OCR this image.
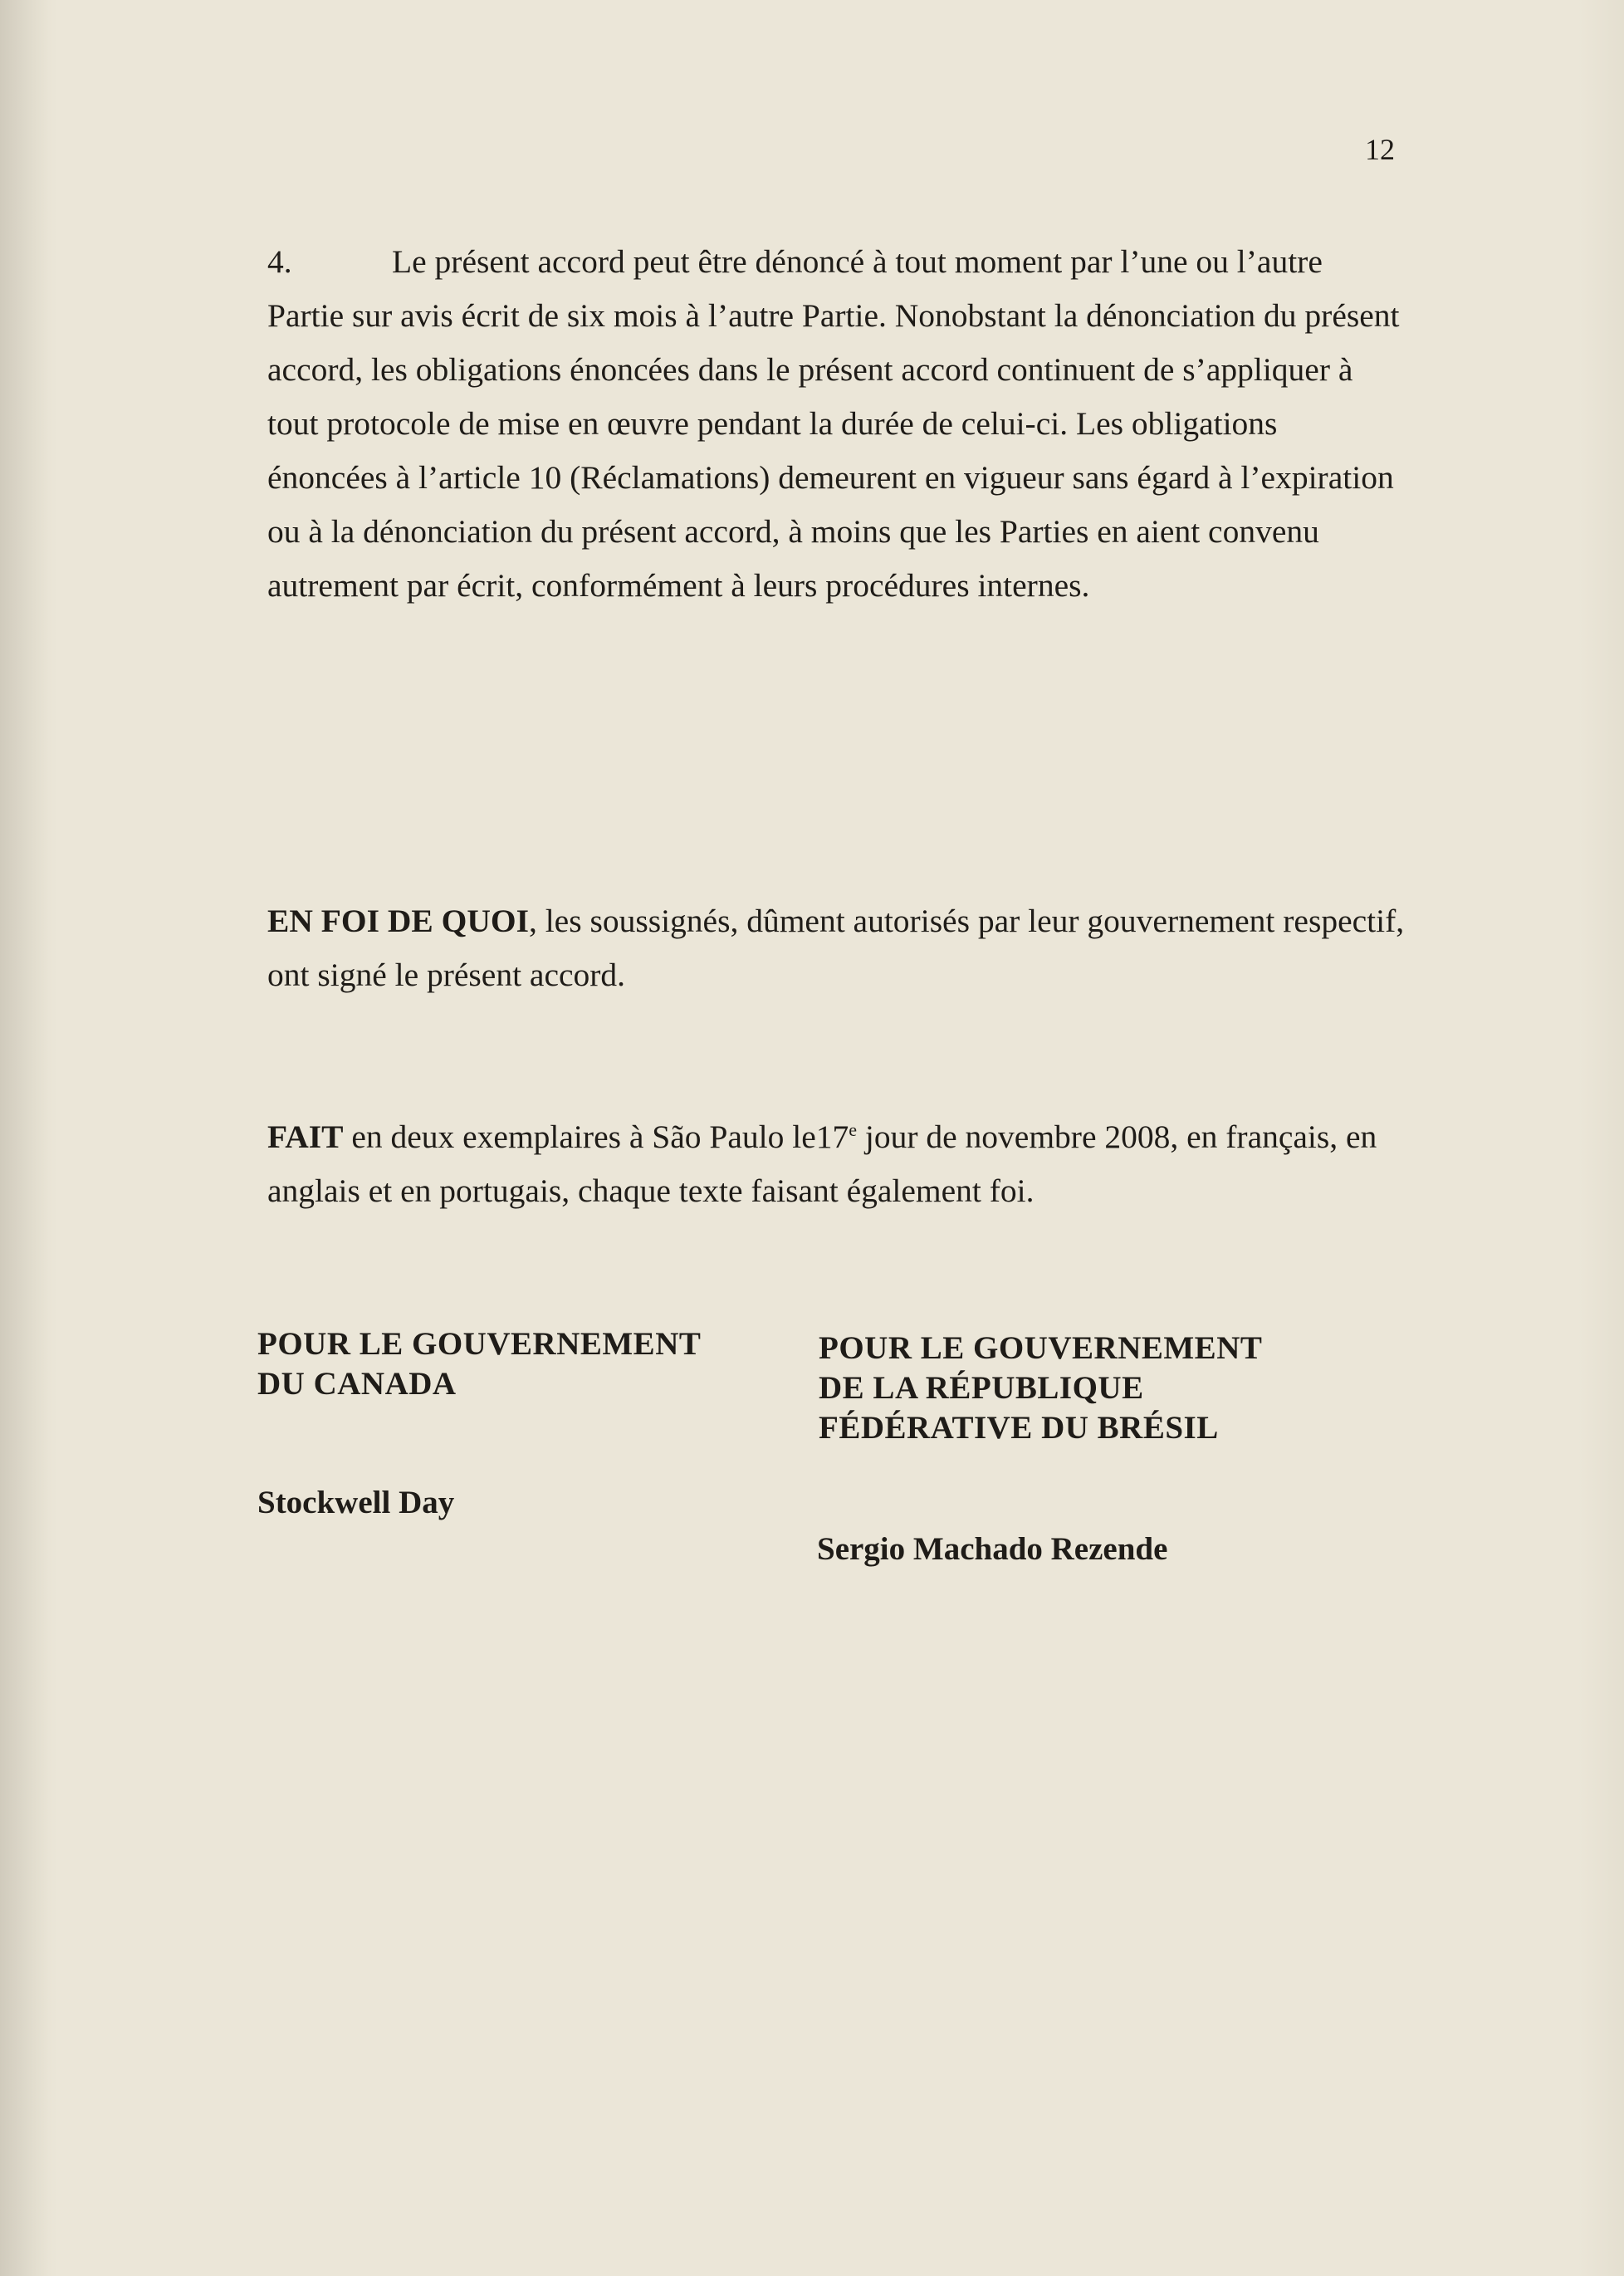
12

4.	Le présent accord peut être dénoncé à tout moment par l’une ou l’autre Partie sur avis écrit de six mois à l’autre Partie. Nonobstant la dénonciation du présent accord, les obligations énoncées dans le présent accord continuent de s’appliquer à tout protocole de mise en œuvre pendant la durée de celui-ci. Les obligations énoncées à l’article 10 (Réclamations) demeurent en vigueur sans égard à l’expiration ou à la dénonciation du présent accord, à moins que les Parties en aient convenu autrement par écrit, conformément à leurs procédures internes.

EN FOI DE QUOI, les soussignés, dûment autorisés par leur gouvernement respectif, ont signé le présent accord.

FAIT en deux exemplaires à São Paulo le17e jour de novembre 2008, en français, en anglais et en portugais, chaque texte faisant également foi.

POUR LE GOUVERNEMENT
DU CANADA
POUR LE GOUVERNEMENT
DE LA RÉPUBLIQUE
FÉDÉRATIVE DU BRÉSIL

Stockwell Day

Sergio Machado Rezende
